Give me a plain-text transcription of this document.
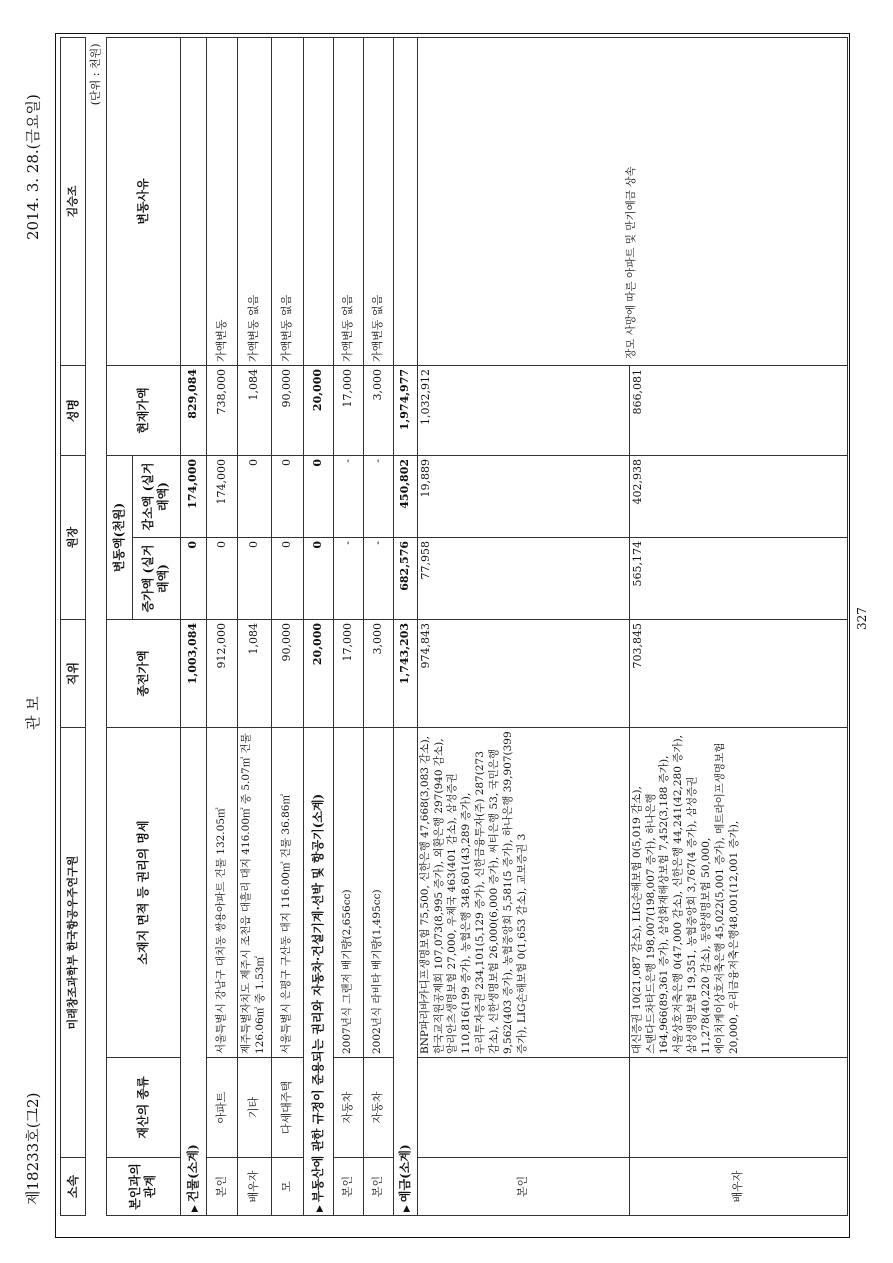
제18233호(그2)
관 보
2014. 3. 28.(금요일)
소속	미래창조과학부 한국항공우주연구원		직위	원장		성명	김승조
(단위 : 천원)							
본인과의 관계	재산의 종류	소재지 면적 등 권리의 명세	종전가액	변동액(천원)		현재가액	변동사유
				증가액 (실거래액)	감소액 (실거래액)		
▶건물(소계)			1,003,084	0	174,000	829,084	
본인	아파트	서울특별시 강남구 대치동 쌍용아파트 건물 132.05㎡	912,000	0	174,000	738,000	가액변동
배우자	기타	제주특별자치도 제주시 조천읍 대흘리 대지 416.00㎡ 중 5.07㎡ 건물 126.06㎡ 중 1.53㎡	1,084	0	0	1,084	가액변동 없음
모	다세대주택	서울특별시 은평구 구산동 대지 116.00㎡ 건물 36.86㎡	90,000	0	0	90,000	가액변동 없음
▶부동산에 관한 규정이 준용되는 권리와 자동차·건설기계·선박 및 항공기(소계)			20,000	0	0	20,000	
본인	자동차	2007년식 그랜저 배기량(2,656cc)	17,000	-	-	17,000	가액변동 없음
본인	자동차	2002년식 라비타 배기량(1,495cc)	3,000	-	-	3,000	가액변동 없음
▶예금(소계)			1,743,203	682,576	450,802	1,974,977	
본인		BNP파리바카디프생명보험 75,500, 신한은행 47,668(3,083 감소), 한국교직원공제회 107,073(8,995 증가), 외환은행 297(940 감소), 알리안츠생명보험 27,000, 우체국 463(401 감소), 삼성증권 110,816(199 증가), 농협은행 348,601(43,289 증가), 우리투자증권 234,101(5,129 증가), 신한금융투자(주) 287(273 감소), 신한생명보험 26,000(6,000 증가), 씨티은행 53, 국민은행 9,562(403 증가), 농협중앙회 5,581(5 증가), 하나은행 39,907(399 증가), LIG손해보험 0(1,653 감소), 교보증권 3	974,843	77,958	19,889	1,032,912	장모 사망에 따른 아파트 및 만기예금 상속
배우자		대신증권 10(21,087 감소), LIG손해보험 0(5,019 감소), 스탠다드차타드은행 198,007(198,007 증가), 하나은행 164,966(89,361 증가), 삼성화재해상보험 7,452(3,188 증가), 서울상호저축은행 0(47,000 감소), 신한은행 44,241(42,280 증가), 삼성생명보험 19,351, 농협중앙회 3,767(4 증가), 삼성증권 11,278(40,220 감소), 동양생명보험 50,000, 에이치케이상호저축은행 45,022(5,001 증가), 메트라이프생명보험 20,000, 우리금융저축은행48,001(12,001 증가),	703,845	565,174	402,938	866,081	
327
